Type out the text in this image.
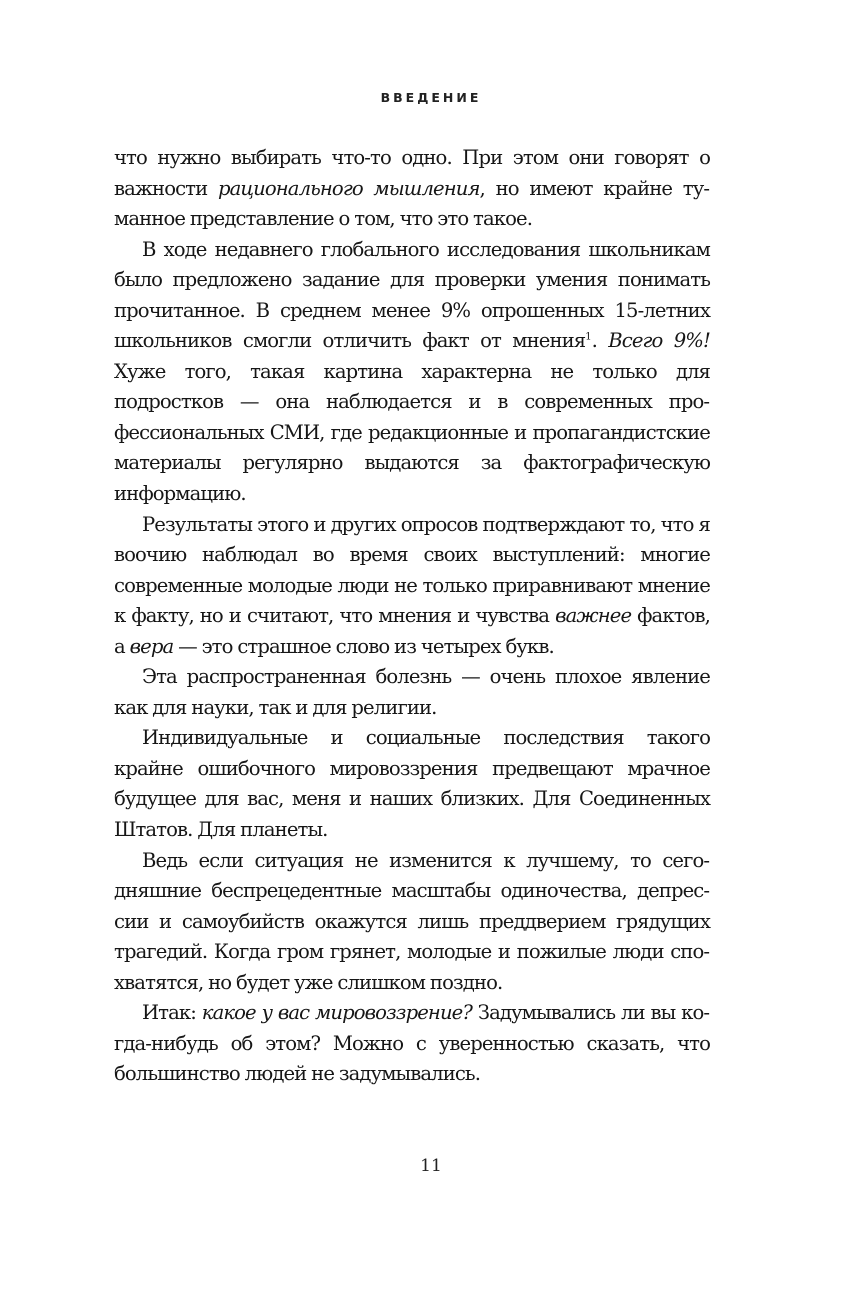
ВВЕДЕНИЕ

что нужно выбирать что-то одно. При этом они говорят о важности рационального мышления, но имеют крайне туманное представление о том, что это такое.

В ходе недавнего глобального исследования школьникам было предложено задание для проверки умения понимать прочитанное. В среднем менее 9% опрошенных 15-летних школьников смогли отличить факт от мнения$^1$. Всего 9%! Хуже того, такая картина характерна не только для подростков — она наблюдается и в современных профессиональных СМИ, где редакционные и пропагандистские материалы регулярно выдаются за фактографическую информацию.

Результаты этого и других опросов подтверждают то, что я воочию наблюдал во время своих выступлений: многие современные молодые люди не только приравнивают мнение к факту, но и считают, что мнения и чувства важнее фактов, а вера — это страшное слово из четырех букв.

Эта распространенная болезнь — очень плохое явление как для науки, так и для религии.

Индивидуальные и социальные последствия такого крайне ошибочного мировоззрения предвещают мрачное будущее для вас, меня и наших близких. Для Соединенных Штатов. Для планеты.

Ведь если ситуация не изменится к лучшему, то сегодняшние беспрецедентные масштабы одиночества, депрессии и самоубийств окажутся лишь преддверием грядущих трагедий. Когда гром грянет, молодые и пожилые люди спохватятся, но будет уже слишком поздно.

Итак: какое у вас мировоззрение? Задумывались ли вы когда-нибудь об этом? Можно с уверенностью сказать, что большинство людей не задумывались.

11
